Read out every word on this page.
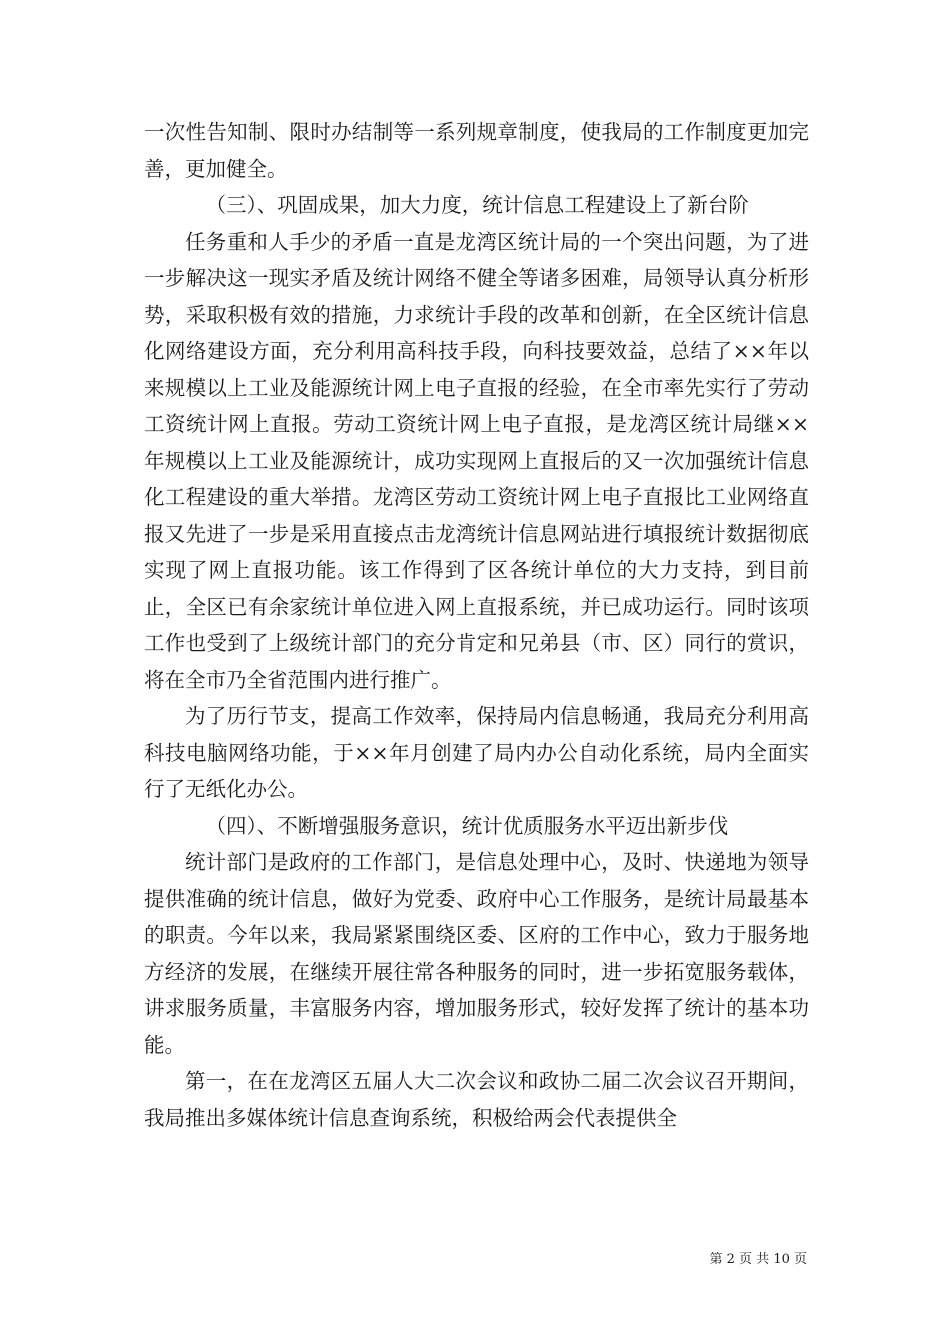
一次性告知制、限时办结制等一系列规章制度，使我局的工作制度更加完善，更加健全。

（三）、巩固成果，加大力度，统计信息工程建设上了新台阶

任务重和人手少的矛盾一直是龙湾区统计局的一个突出问题，为了进一步解决这一现实矛盾及统计网络不健全等诸多困难，局领导认真分析形势，采取积极有效的措施，力求统计手段的改革和创新，在全区统计信息化网络建设方面，充分利用高科技手段，向科技要效益，总结了××年以来规模以上工业及能源统计网上电子直报的经验，在全市率先实行了劳动工资统计网上直报。劳动工资统计网上电子直报，是龙湾区统计局继××年规模以上工业及能源统计，成功实现网上直报后的又一次加强统计信息化工程建设的重大举措。龙湾区劳动工资统计网上电子直报比工业网络直报又先进了一步是采用直接点击龙湾统计信息网站进行填报统计数据彻底实现了网上直报功能。该工作得到了区各统计单位的大力支持，到目前止，全区已有余家统计单位进入网上直报系统，并已成功运行。同时该项工作也受到了上级统计部门的充分肯定和兄弟县（市、区）同行的赏识，将在全市乃全省范围内进行推广。

为了历行节支，提高工作效率，保持局内信息畅通，我局充分利用高科技电脑网络功能，于××年月创建了局内办公自动化系统，局内全面实行了无纸化办公。

（四）、不断增强服务意识，统计优质服务水平迈出新步伐

统计部门是政府的工作部门，是信息处理中心，及时、快递地为领导提供准确的统计信息，做好为党委、政府中心工作服务，是统计局最基本的职责。今年以来，我局紧紧围绕区委、区府的工作中心，致力于服务地方经济的发展，在继续开展往常各种服务的同时，进一步拓宽服务载体，讲求服务质量，丰富服务内容，增加服务形式，较好发挥了统计的基本功能。

第一，在在龙湾区五届人大二次会议和政协二届二次会议召开期间，我局推出多媒体统计信息查询系统，积极给两会代表提供全

第 2 页 共 10 页
